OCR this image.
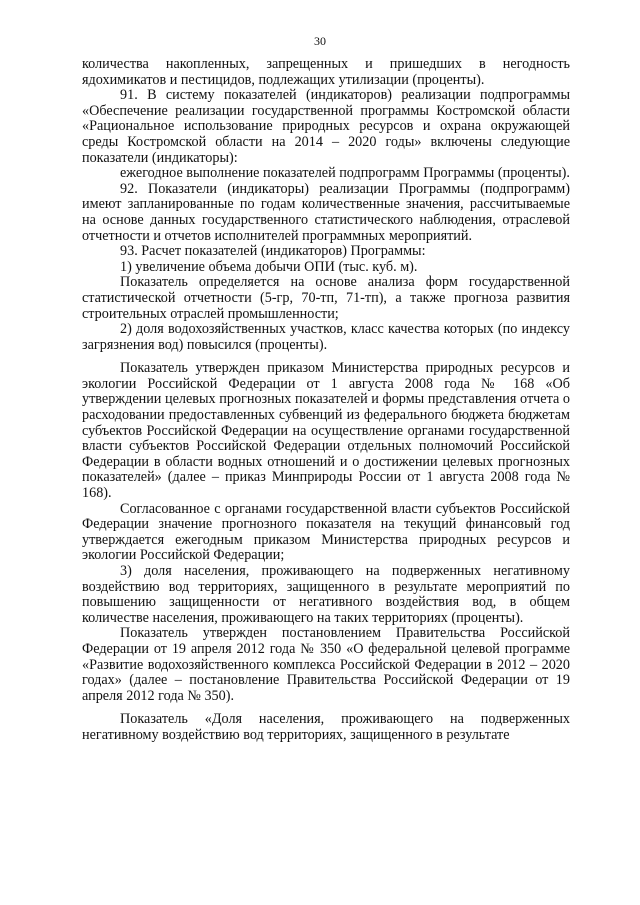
30

количества накопленных, запрещенных и пришедших в негодность ядохимикатов и пестицидов, подлежащих утилизации (проценты).

91. В систему показателей (индикаторов) реализации подпрограммы «Обеспечение реализации государственной программы Костромской области «Рациональное использование природных ресурсов и охрана окружающей среды Костромской области на 2014 – 2020 годы» включены следующие показатели (индикаторы):

ежегодное выполнение показателей подпрограмм Программы (проценты).

92. Показатели (индикаторы) реализации Программы (подпрограмм) имеют запланированные по годам количественные значения, рассчитываемые на основе данных государственного статистического наблюдения, отраслевой отчетности и отчетов исполнителей программных мероприятий.

93. Расчет показателей (индикаторов) Программы:

1) увеличение объема добычи ОПИ (тыс. куб. м).

Показатель определяется на основе анализа форм государственной статистической отчетности (5-гр, 70-тп, 71-тп), а также прогноза развития строительных отраслей промышленности;

2) доля водохозяйственных участков, класс качества которых (по индексу загрязнения вод) повысился (проценты).

Показатель утвержден приказом Министерства природных ресурсов и экологии Российской Федерации от 1 августа 2008 года № 168 «Об утверждении целевых прогнозных показателей и формы представления отчета о расходовании предоставленных субвенций из федерального бюджета бюджетам субъектов Российской Федерации на осуществление органами государственной власти субъектов Российской Федерации отдельных полномочий Российской Федерации в области водных отношений и о достижении целевых прогнозных показателей» (далее – приказ Минприроды России от 1 августа 2008 года № 168).

Согласованное с органами государственной власти субъектов Российской Федерации значение прогнозного показателя на текущий финансовый год утверждается ежегодным приказом Министерства природных ресурсов и экологии Российской Федерации;

3) доля населения, проживающего на подверженных негативному воздействию вод территориях, защищенного в результате мероприятий по повышению защищенности от негативного воздействия вод, в общем количестве населения, проживающего на таких территориях (проценты).

Показатель утвержден постановлением Правительства Российской Федерации от 19 апреля 2012 года № 350 «О федеральной целевой программе «Развитие водохозяйственного комплекса Российской Федерации в 2012 – 2020 годах» (далее – постановление Правительства Российской Федерации от 19 апреля 2012 года № 350).

Показатель «Доля населения, проживающего на подверженных негативному воздействию вод территориях, защищенного в результате
